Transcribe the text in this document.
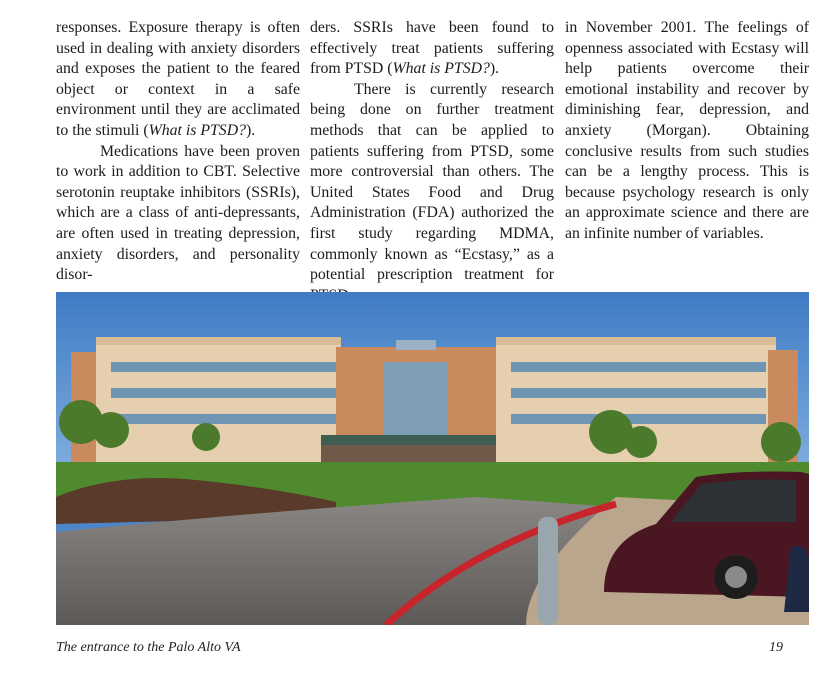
responses. Exposure therapy is often used in dealing with anxiety disorders and exposes the patient to the feared object or context in a safe environment until they are acclimated to the stimuli (What is PTSD?).

Medications have been proven to work in addition to CBT. Selective serotonin reuptake inhibitors (SSRIs), which are a class of anti-depressants, are often used in treating depression, anxiety disorders, and personality disor-

ders. SSRIs have been found to effectively treat patients suffering from PTSD (What is PTSD?).

There is currently research being done on further treatment methods that can be applied to patients suffering from PTSD, some more controversial than others. The United States Food and Drug Administration (FDA) authorized the first study regarding MDMA, commonly known as “Ecstasy,” as a potential prescription treatment for

in November 2001. The feelings of openness associated with Ecstasy will help patients overcome their emotional instability and recover by diminishing fear, depression, and anxiety (Morgan). Obtaining conclusive results from such studies can be a lengthy process. This is because psychology research is only an approximate science and there are an infinite number of variables.

The entrance to the Palo Alto VA	19
